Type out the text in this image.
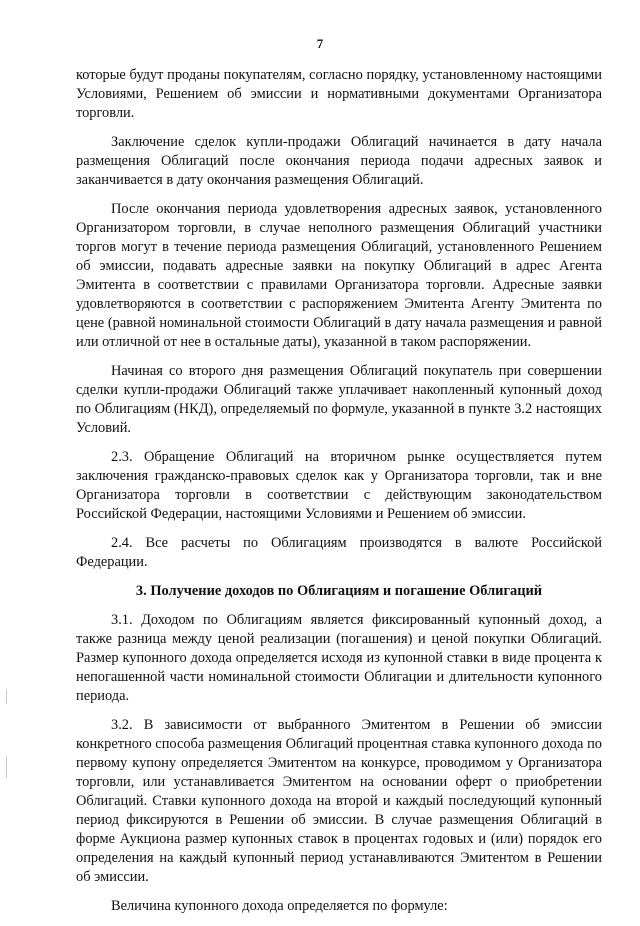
7

которые будут проданы покупателям, согласно порядку, установленному настоящими Условиями, Решением об эмиссии и нормативными документами Организатора торговли.

Заключение сделок купли-продажи Облигаций начинается в дату начала размещения Облигаций после окончания периода подачи адресных заявок и заканчивается в дату окончания размещения Облигаций.

После окончания периода удовлетворения адресных заявок, установленного Организатором торговли, в случае неполного размещения Облигаций участники торгов могут в течение периода размещения Облигаций, установленного Решением об эмиссии, подавать адресные заявки на покупку Облигаций в адрес Агента Эмитента в соответствии с правилами Организатора торговли. Адресные заявки удовлетворяются в соответствии с распоряжением Эмитента Агенту Эмитента по цене (равной номинальной стоимости Облигаций в дату начала размещения и равной или отличной от нее в остальные даты), указанной в таком распоряжении.

Начиная со второго дня размещения Облигаций покупатель при совершении сделки купли-продажи Облигаций также уплачивает накопленный купонный доход по Облигациям (НКД), определяемый по формуле, указанной в пункте 3.2 настоящих Условий.

2.3. Обращение Облигаций на вторичном рынке осуществляется путем заключения гражданско-правовых сделок как у Организатора торговли, так и вне Организатора торговли в соответствии с действующим законодательством Российской Федерации, настоящими Условиями и Решением об эмиссии.

2.4. Все расчеты по Облигациям производятся в валюте Российской Федерации.

3. Получение доходов по Облигациям и погашение Облигаций

3.1. Доходом по Облигациям является фиксированный купонный доход, а также разница между ценой реализации (погашения) и ценой покупки Облигаций. Размер купонного дохода определяется исходя из купонной ставки в виде процента к непогашенной части номинальной стоимости Облигации и длительности купонного периода.

3.2. В зависимости от выбранного Эмитентом в Решении об эмиссии конкретного способа размещения Облигаций процентная ставка купонного дохода по первому купону определяется Эмитентом на конкурсе, проводимом у Организатора торговли, или устанавливается Эмитентом на основании оферт о приобретении Облигаций. Ставки купонного дохода на второй и каждый последующий купонный период фиксируются в Решении об эмиссии. В случае размещения Облигаций в форме Аукциона размер купонных ставок в процентах годовых и (или) порядок его определения на каждый купонный период устанавливаются Эмитентом в Решении об эмиссии.

Величина купонного дохода определяется по формуле:
